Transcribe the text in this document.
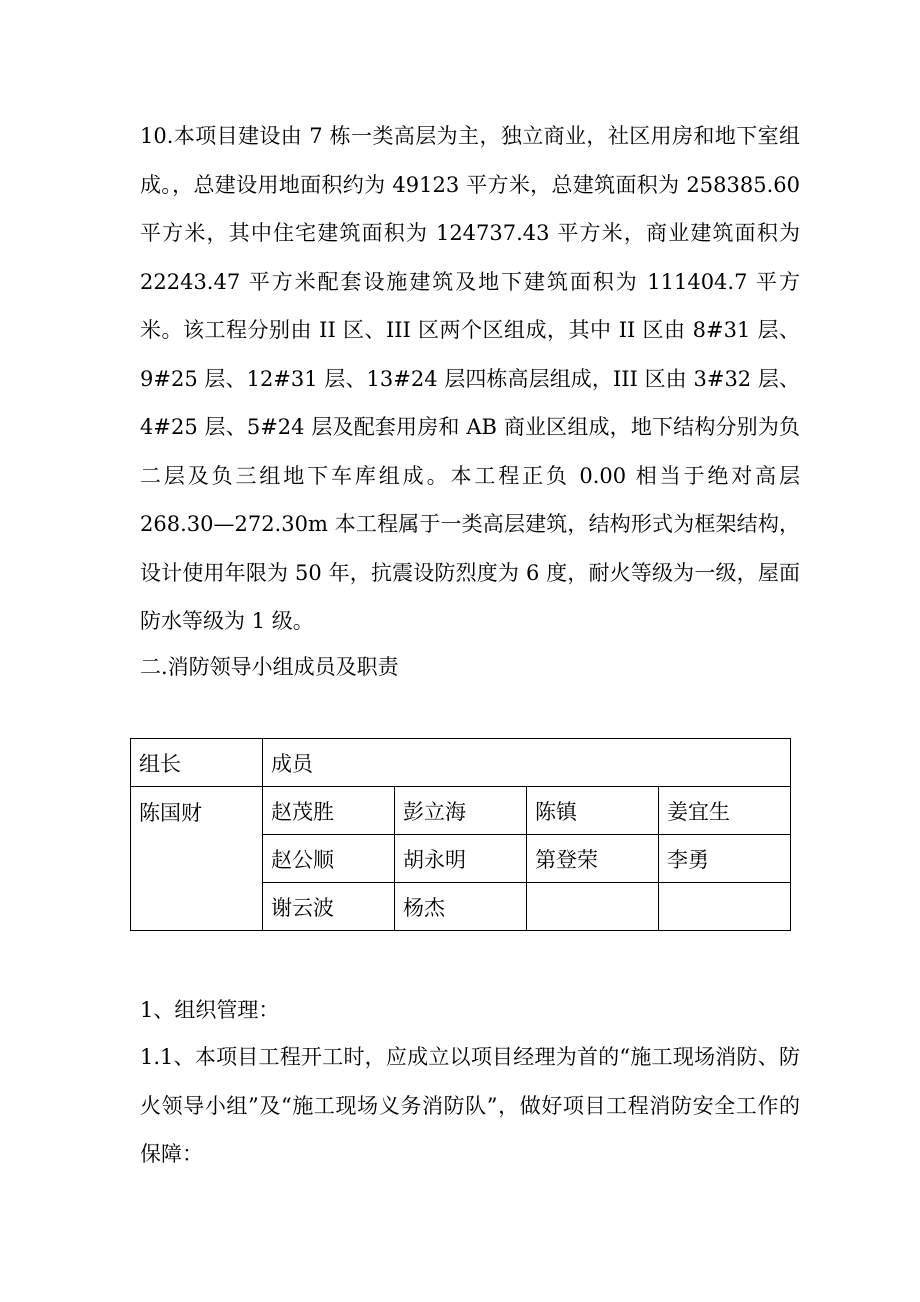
10.本项目建设由 7 栋一类高层为主，独立商业，社区用房和地下室组成。，总建设用地面积约为 49123 平方米，总建筑面积为 258385.60 平方米，其中住宅建筑面积为 124737.43 平方米，商业建筑面积为 22243.47 平方米配套设施建筑及地下建筑面积为 111404.7 平方米。该工程分别由 II 区、III 区两个区组成，其中 II 区由 8#31 层、9#25 层、12#31 层、13#24 层四栋高层组成，III 区由 3#32 层、4#25 层、5#24 层及配套用房和 AB 商业区组成，地下结构分别为负二层及负三组地下车库组成。本工程正负 0.00 相当于绝对高层 268.30—272.30m 本工程属于一类高层建筑，结构形式为框架结构，设计使用年限为 50 年，抗震设防烈度为 6 度，耐火等级为一级，屋面防水等级为 1 级。

二.消防领导小组成员及职责

组长	成员			
陈国财	赵茂胜	彭立海	陈镇	姜宜生
	赵公顺	胡永明	第登荣	李勇
	谢云波	杨杰		

1、组织管理：

1.1、本项目工程开工时，应成立以项目经理为首的“施工现场消防、防火领导小组”及“施工现场义务消防队”，做好项目工程消防安全工作的保障：
